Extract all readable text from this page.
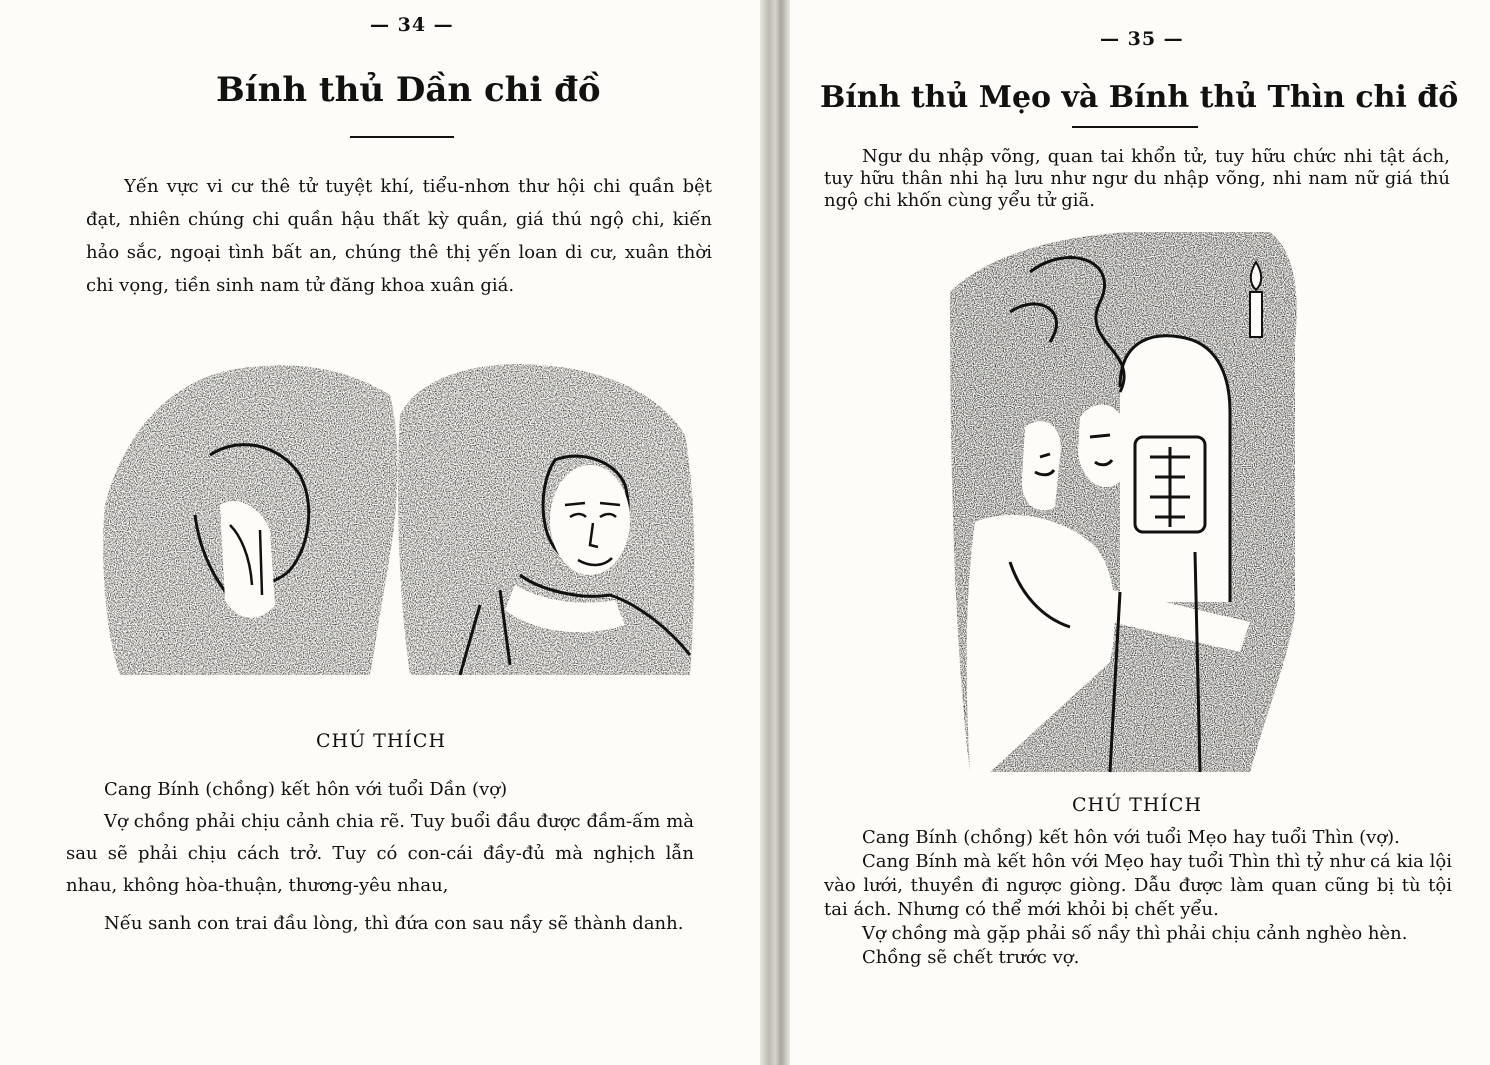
— 34 —
Bính thủ Dần chi đồ

Yến vực vi cư thê tử tuyệt khí, tiểu-nhơn thư hội chi quần bệt đạt, nhiên chúng chi quần hậu thất kỳ quần, giá thú ngộ chi, kiến hảo sắc, ngoại tình bất an, chúng thê thị yến loan di cư, xuân thời chi vọng, tiền sinh nam tử đăng khoa xuân giá.

CHÚ THÍCH

Cang Bính (chồng) kết hôn với tuổi Dần (vợ)

Vợ chồng phải chịu cảnh chia rẽ. Tuy buổi đầu được đầm-ấm mà sau sẽ phải chịu cách trở. Tuy có con-cái đầy-đủ mà nghịch lẫn nhau, không hòa-thuận, thương-yêu nhau,

Nếu sanh con trai đầu lòng, thì đứa con sau nầy sẽ thành danh.

— 35 —
Bính thủ Mẹo và Bính thủ Thìn chi đồ

Ngư du nhập võng, quan tai khổn tử, tuy hữu chức nhi tật ách, tuy hữu thân nhi hạ lưu như ngư du nhập võng, nhi nam nữ giá thú ngộ chi khốn cùng yểu tử giã.

CHÚ THÍCH

Cang Bính (chồng) kết hôn với tuổi Mẹo hay tuổi Thìn (vợ).

Cang Bính mà kết hôn với Mẹo hay tuổi Thìn thì tỷ như cá kia lội vào lưới, thuyền đi ngược giòng. Dẫu được làm quan cũng bị tù tội tai ách. Nhưng có thể mới khỏi bị chết yểu.

Vợ chồng mà gặp phải số nầy thì phải chịu cảnh nghèo hèn.

Chồng sẽ chết trước vợ.
